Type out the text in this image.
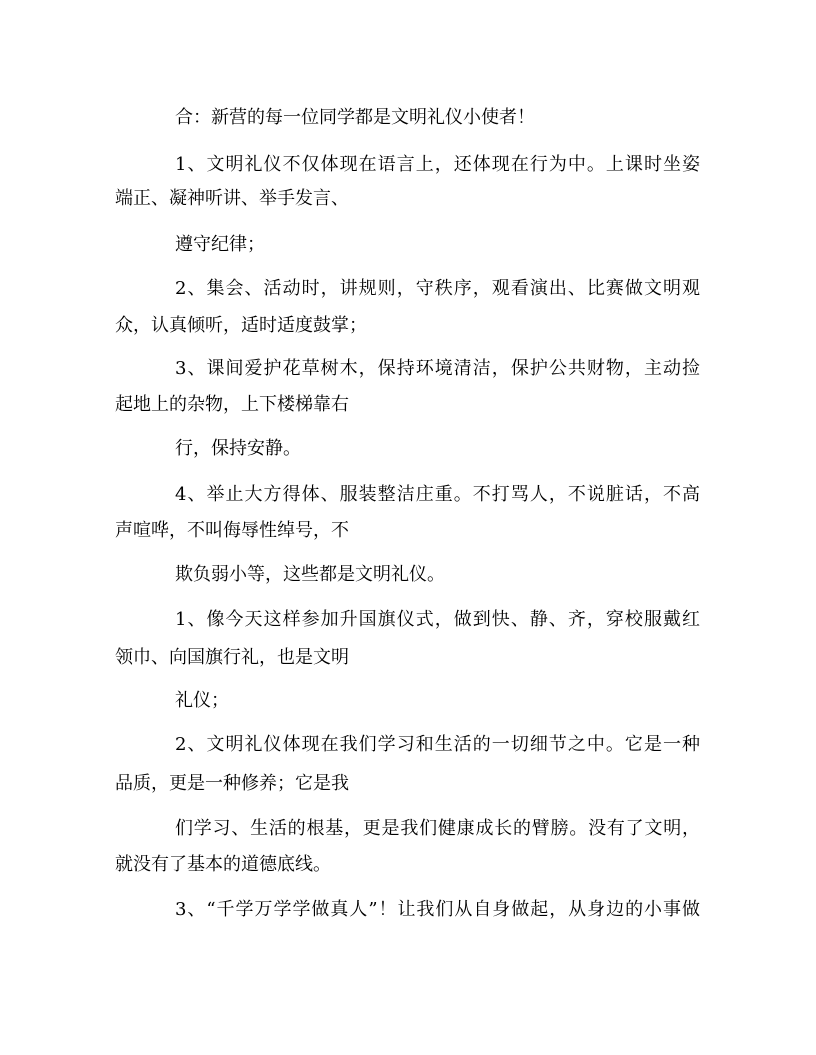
合：新营的每一位同学都是文明礼仪小使者！
1、文明礼仪不仅体现在语言上，还体现在行为中。上课时坐姿
端正、凝神听讲、举手发言、
遵守纪律；
2、集会、活动时，讲规则，守秩序，观看演出、比赛做文明观
众，认真倾听，适时适度鼓掌；
3、课间爱护花草树木，保持环境清洁，保护公共财物，主动捡
起地上的杂物，上下楼梯靠右
行，保持安静。
4、举止大方得体、服装整洁庄重。不打骂人，不说脏话，不高
声喧哗，不叫侮辱性绰号，不
欺负弱小等，这些都是文明礼仪。
1、像今天这样参加升国旗仪式，做到快、静、齐，穿校服戴红
领巾、向国旗行礼，也是文明
礼仪；
2、文明礼仪体现在我们学习和生活的一切细节之中。它是一种
品质，更是一种修养；它是我
们学习、生活的根基，更是我们健康成长的臂膀。没有了文明，
就没有了基本的道德底线。
3、“千学万学学做真人”！让我们从自身做起，从身边的小事做
